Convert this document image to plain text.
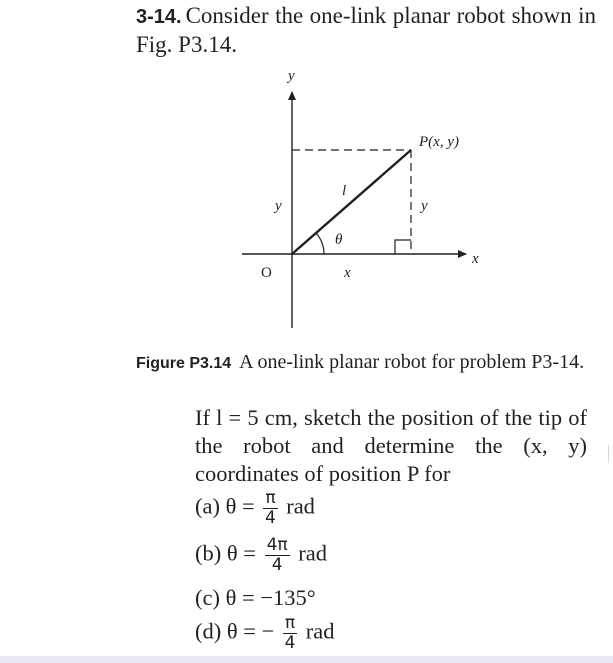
3-14. Consider the one-link planar robot shown in Fig. P3.14.
y
x
O
P(x, y)
l
θ
y	y
x
Figure P3.14 A one-link planar robot for problem P3-14.
If l = 5 cm, sketch the position of the tip of the robot and determine the (x, y) coordinates of position P for
(a) $\theta = \frac{\pi}{4}$ rad
(b) $\theta = \frac{4\pi}{4}$ rad
(c) θ = −135°
(d) θ = − $\frac{\pi}{4}$ rad
